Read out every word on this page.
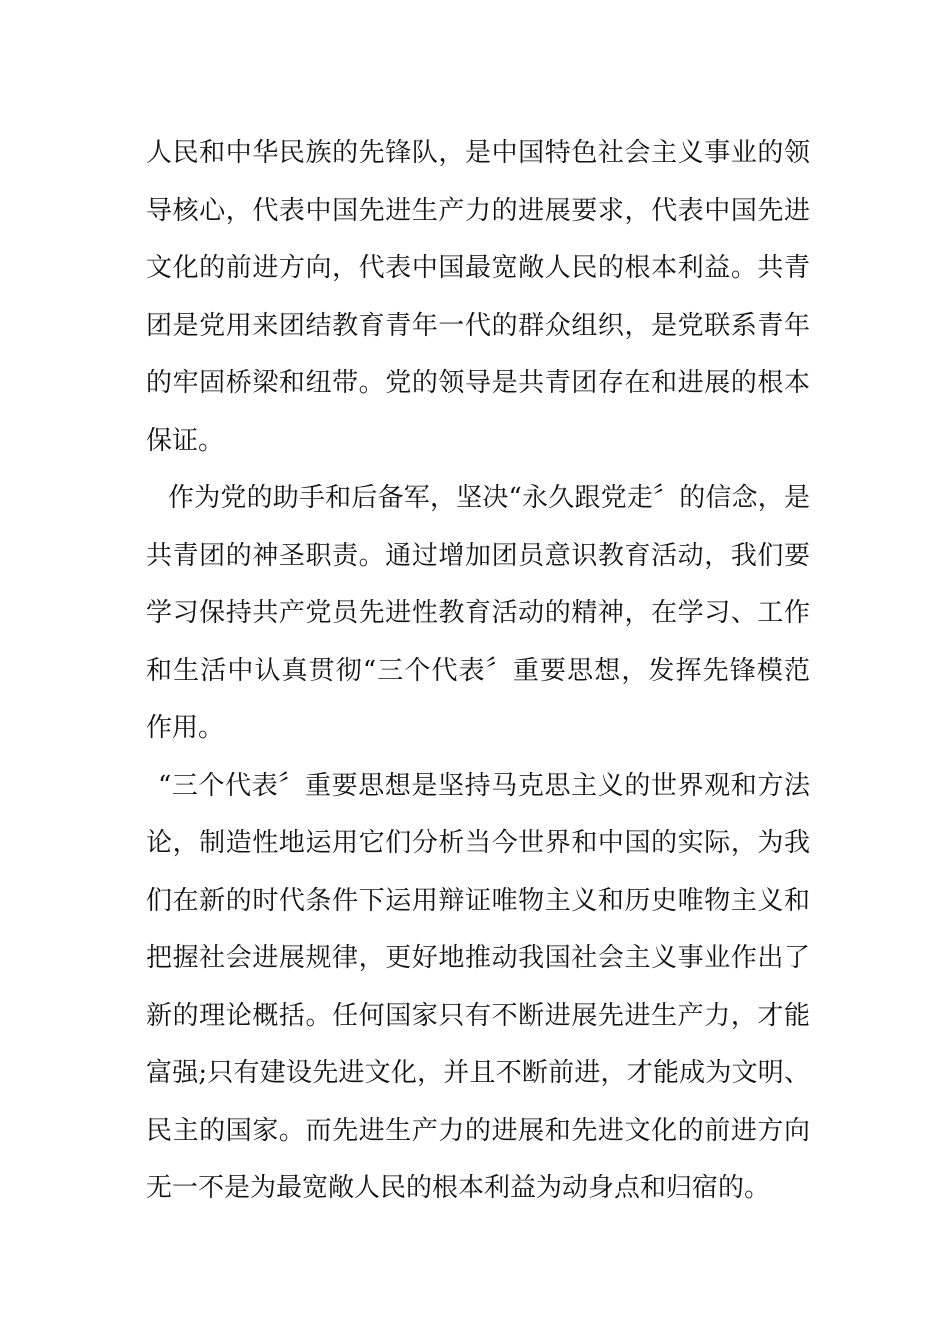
人民和中华民族的先锋队，是中国特色社会主义事业的领
导核心，代表中国先进生产力的进展要求，代表中国先进
文化的前进方向，代表中国最宽敞人民的根本利益。共青
团是党用来团结教育青年一代的群众组织，是党联系青年
的牢固桥梁和纽带。党的领导是共青团存在和进展的根本
保证。
作为党的助手和后备军，坚决“永久跟党走〞的信念，是
共青团的神圣职责。通过增加团员意识教育活动，我们要
学习保持共产党员先进性教育活动的精神，在学习、工作
和生活中认真贯彻“三个代表〞重要思想，发挥先锋模范
作用。
“三个代表〞重要思想是坚持马克思主义的世界观和方法
论，制造性地运用它们分析当今世界和中国的实际，为我
们在新的时代条件下运用辩证唯物主义和历史唯物主义和
把握社会进展规律，更好地推动我国社会主义事业作出了
新的理论概括。任何国家只有不断进展先进生产力，才能
富强;只有建设先进文化，并且不断前进，才能成为文明、
民主的国家。而先进生产力的进展和先进文化的前进方向
无一不是为最宽敞人民的根本利益为动身点和归宿的。
